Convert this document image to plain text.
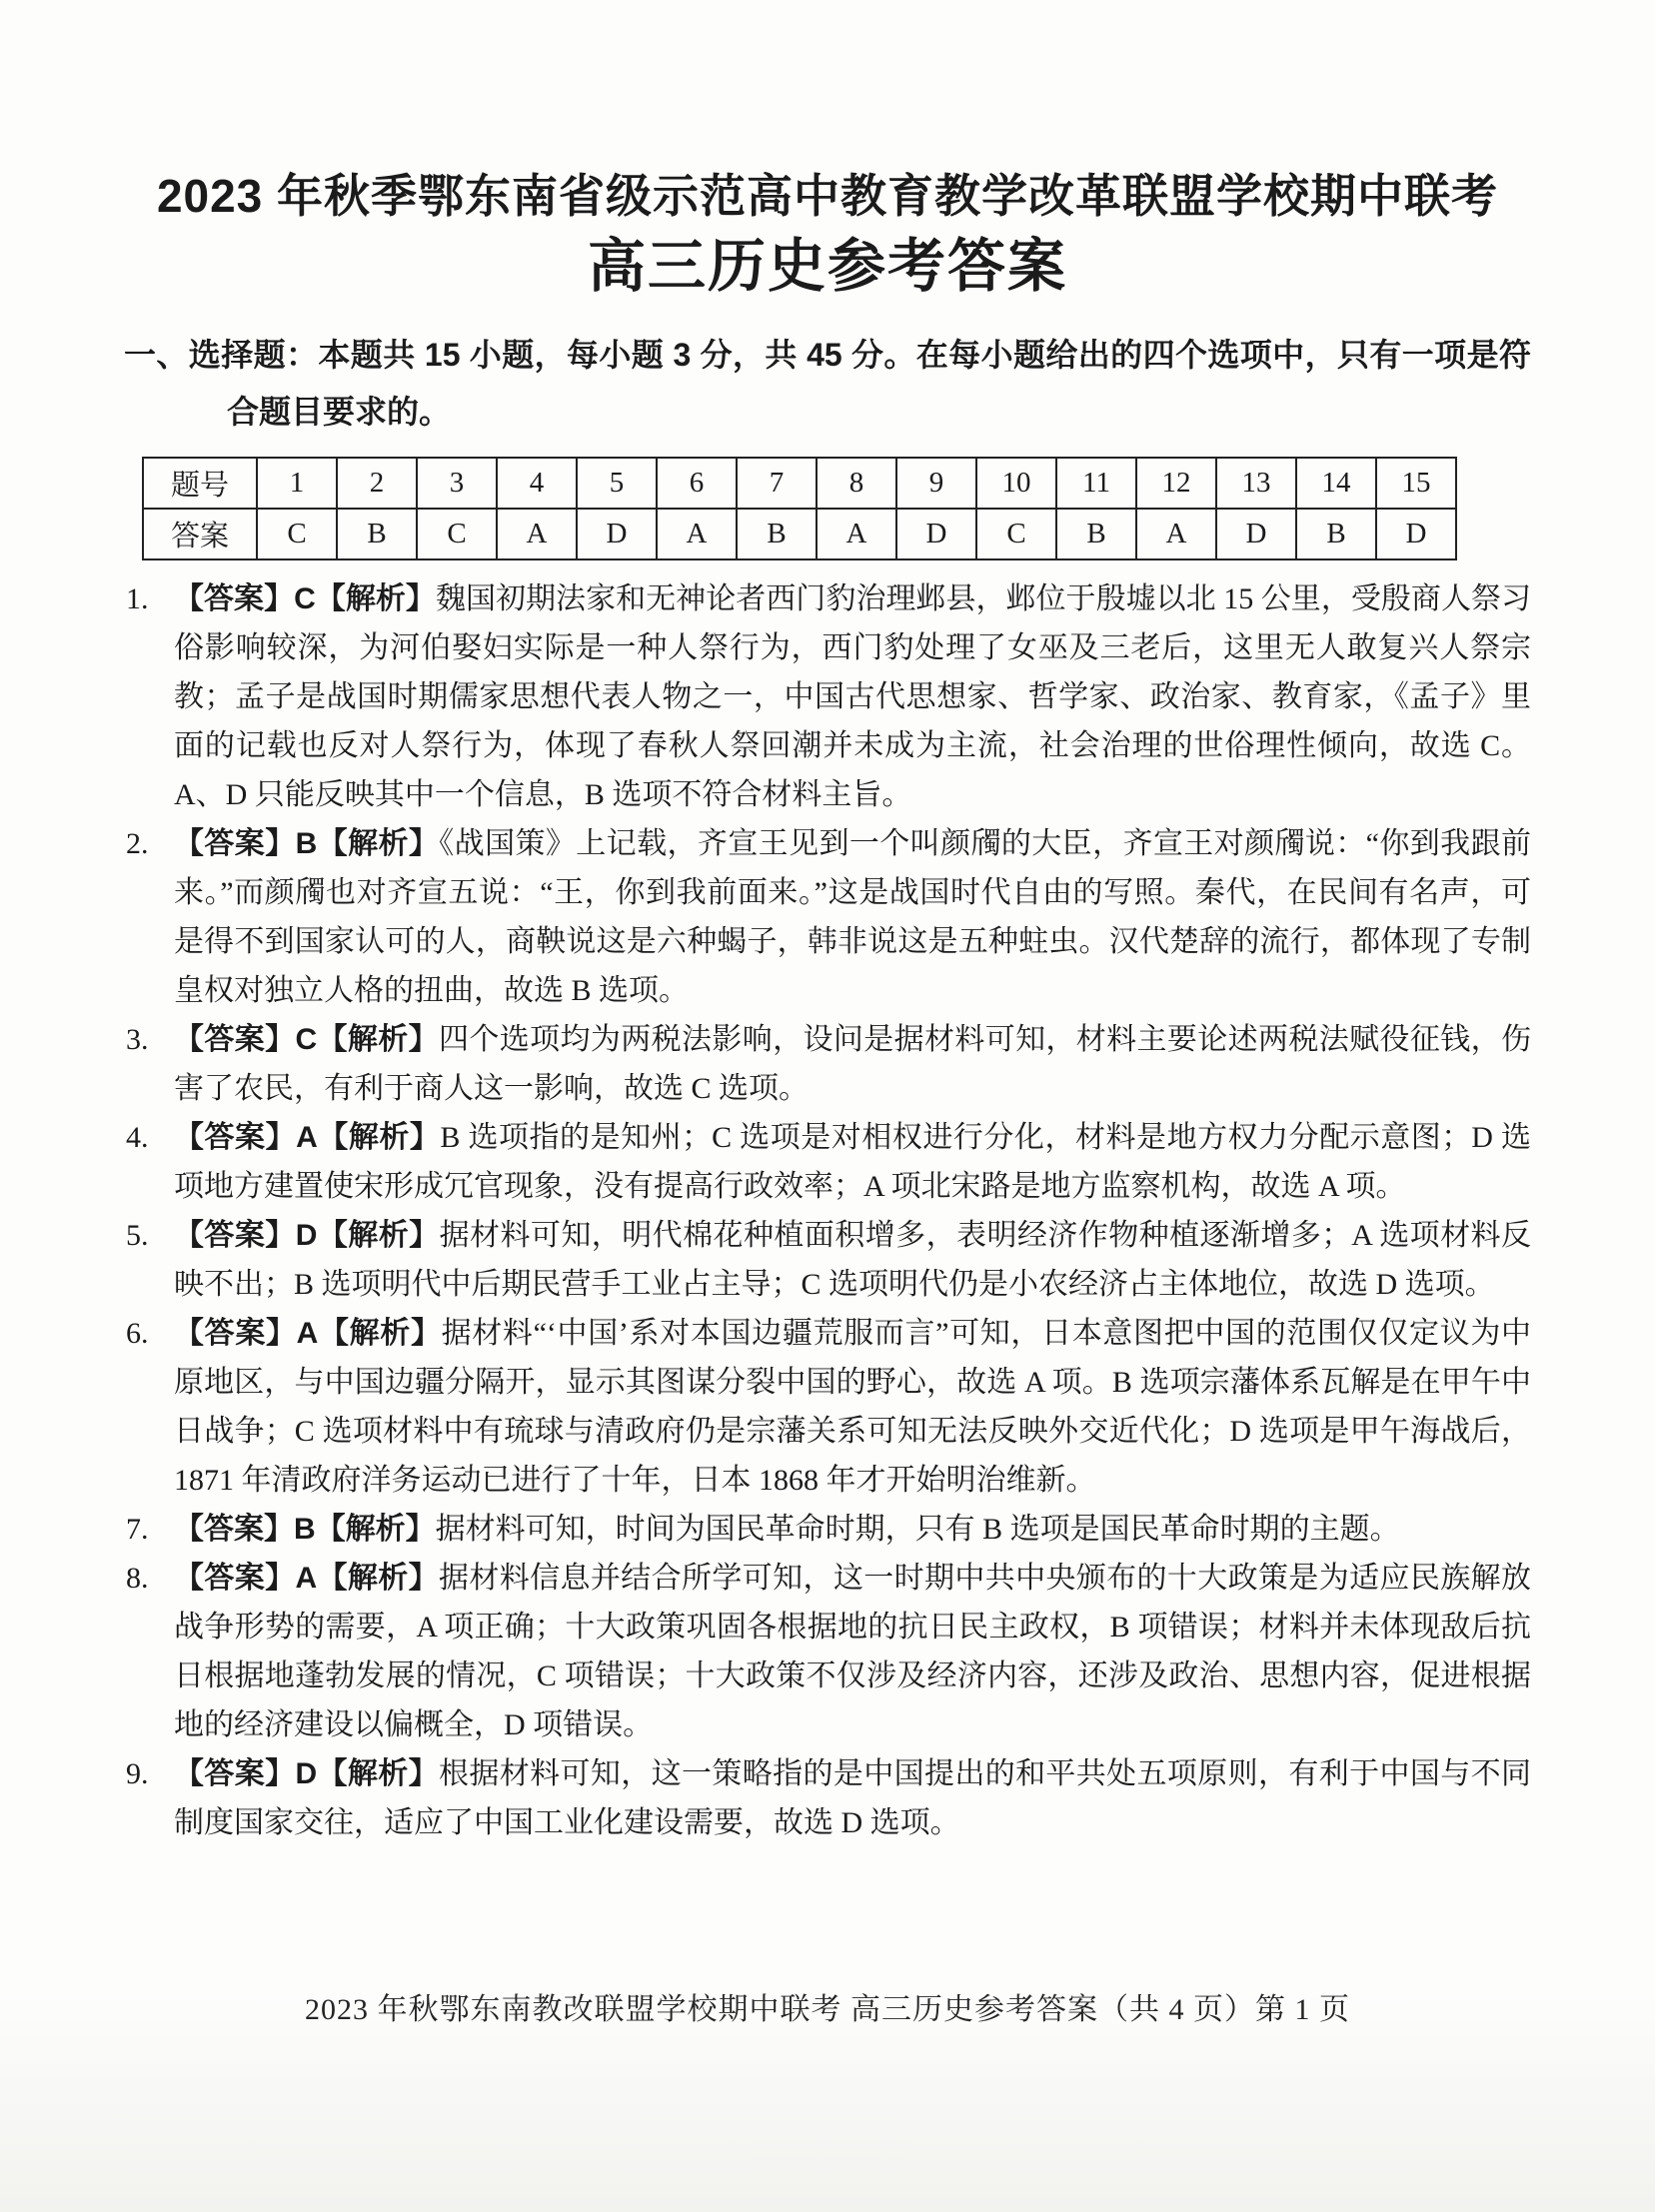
2023 年秋季鄂东南省级示范高中教育教学改革联盟学校期中联考
高三历史参考答案

一、选择题：本题共 15 小题，每小题 3 分，共 45 分。在每小题给出的四个选项中，只有一项是符合题目要求的。

题号	1	2	3	4	5	6	7	8	9	10	11	12	13	14	15
答案	C	B	C	A	D	A	B	A	D	C	B	A	D	B	D
1. 【答案】C【解析】魏国初期法家和无神论者西门豹治理邺县，邺位于殷墟以北 15 公里，受殷商人祭习俗影响较深，为河伯娶妇实际是一种人祭行为，西门豹处理了女巫及三老后，这里无人敢复兴人祭宗教；孟子是战国时期儒家思想代表人物之一，中国古代思想家、哲学家、政治家、教育家，《孟子》里面的记载也反对人祭行为，体现了春秋人祭回潮并未成为主流，社会治理的世俗理性倾向，故选 C。A、D 只能反映其中一个信息，B 选项不符合材料主旨。
2. 【答案】B【解析】《战国策》上记载，齐宣王见到一个叫颜斶的大臣，齐宣王对颜斶说：“你到我跟前来。”而颜斶也对齐宣五说：“王，你到我前面来。”这是战国时代自由的写照。秦代，在民间有名声，可是得不到国家认可的人，商鞅说这是六种蝎子，韩非说这是五种蛀虫。汉代楚辞的流行，都体现了专制皇权对独立人格的扭曲，故选 B 选项。
3. 【答案】C【解析】四个选项均为两税法影响，设问是据材料可知，材料主要论述两税法赋役征钱，伤害了农民，有利于商人这一影响，故选 C 选项。
4. 【答案】A【解析】B 选项指的是知州；C 选项是对相权进行分化，材料是地方权力分配示意图；D 选项地方建置使宋形成冗官现象，没有提高行政效率；A 项北宋路是地方监察机构，故选 A 项。
5. 【答案】D【解析】据材料可知，明代棉花种植面积增多，表明经济作物种植逐渐增多；A 选项材料反映不出；B 选项明代中后期民营手工业占主导；C 选项明代仍是小农经济占主体地位，故选 D 选项。
6. 【答案】A【解析】据材料“‘中国’系对本国边疆荒服而言”可知，日本意图把中国的范围仅仅定议为中原地区，与中国边疆分隔开，显示其图谋分裂中国的野心，故选 A 项。B 选项宗藩体系瓦解是在甲午中日战争；C 选项材料中有琉球与清政府仍是宗藩关系可知无法反映外交近代化；D 选项是甲午海战后，1871 年清政府洋务运动已进行了十年，日本 1868 年才开始明治维新。
7. 【答案】B【解析】据材料可知，时间为国民革命时期，只有 B 选项是国民革命时期的主题。
8. 【答案】A【解析】据材料信息并结合所学可知，这一时期中共中央颁布的十大政策是为适应民族解放战争形势的需要，A 项正确；十大政策巩固各根据地的抗日民主政权，B 项错误；材料并未体现敌后抗日根据地蓬勃发展的情况，C 项错误；十大政策不仅涉及经济内容，还涉及政治、思想内容，促进根据地的经济建设以偏概全，D 项错误。
9. 【答案】D【解析】根据材料可知，这一策略指的是中国提出的和平共处五项原则，有利于中国与不同制度国家交往，适应了中国工业化建设需要，故选 D 选项。

2023 年秋鄂东南教改联盟学校期中联考 高三历史参考答案（共 4 页）第 1 页
